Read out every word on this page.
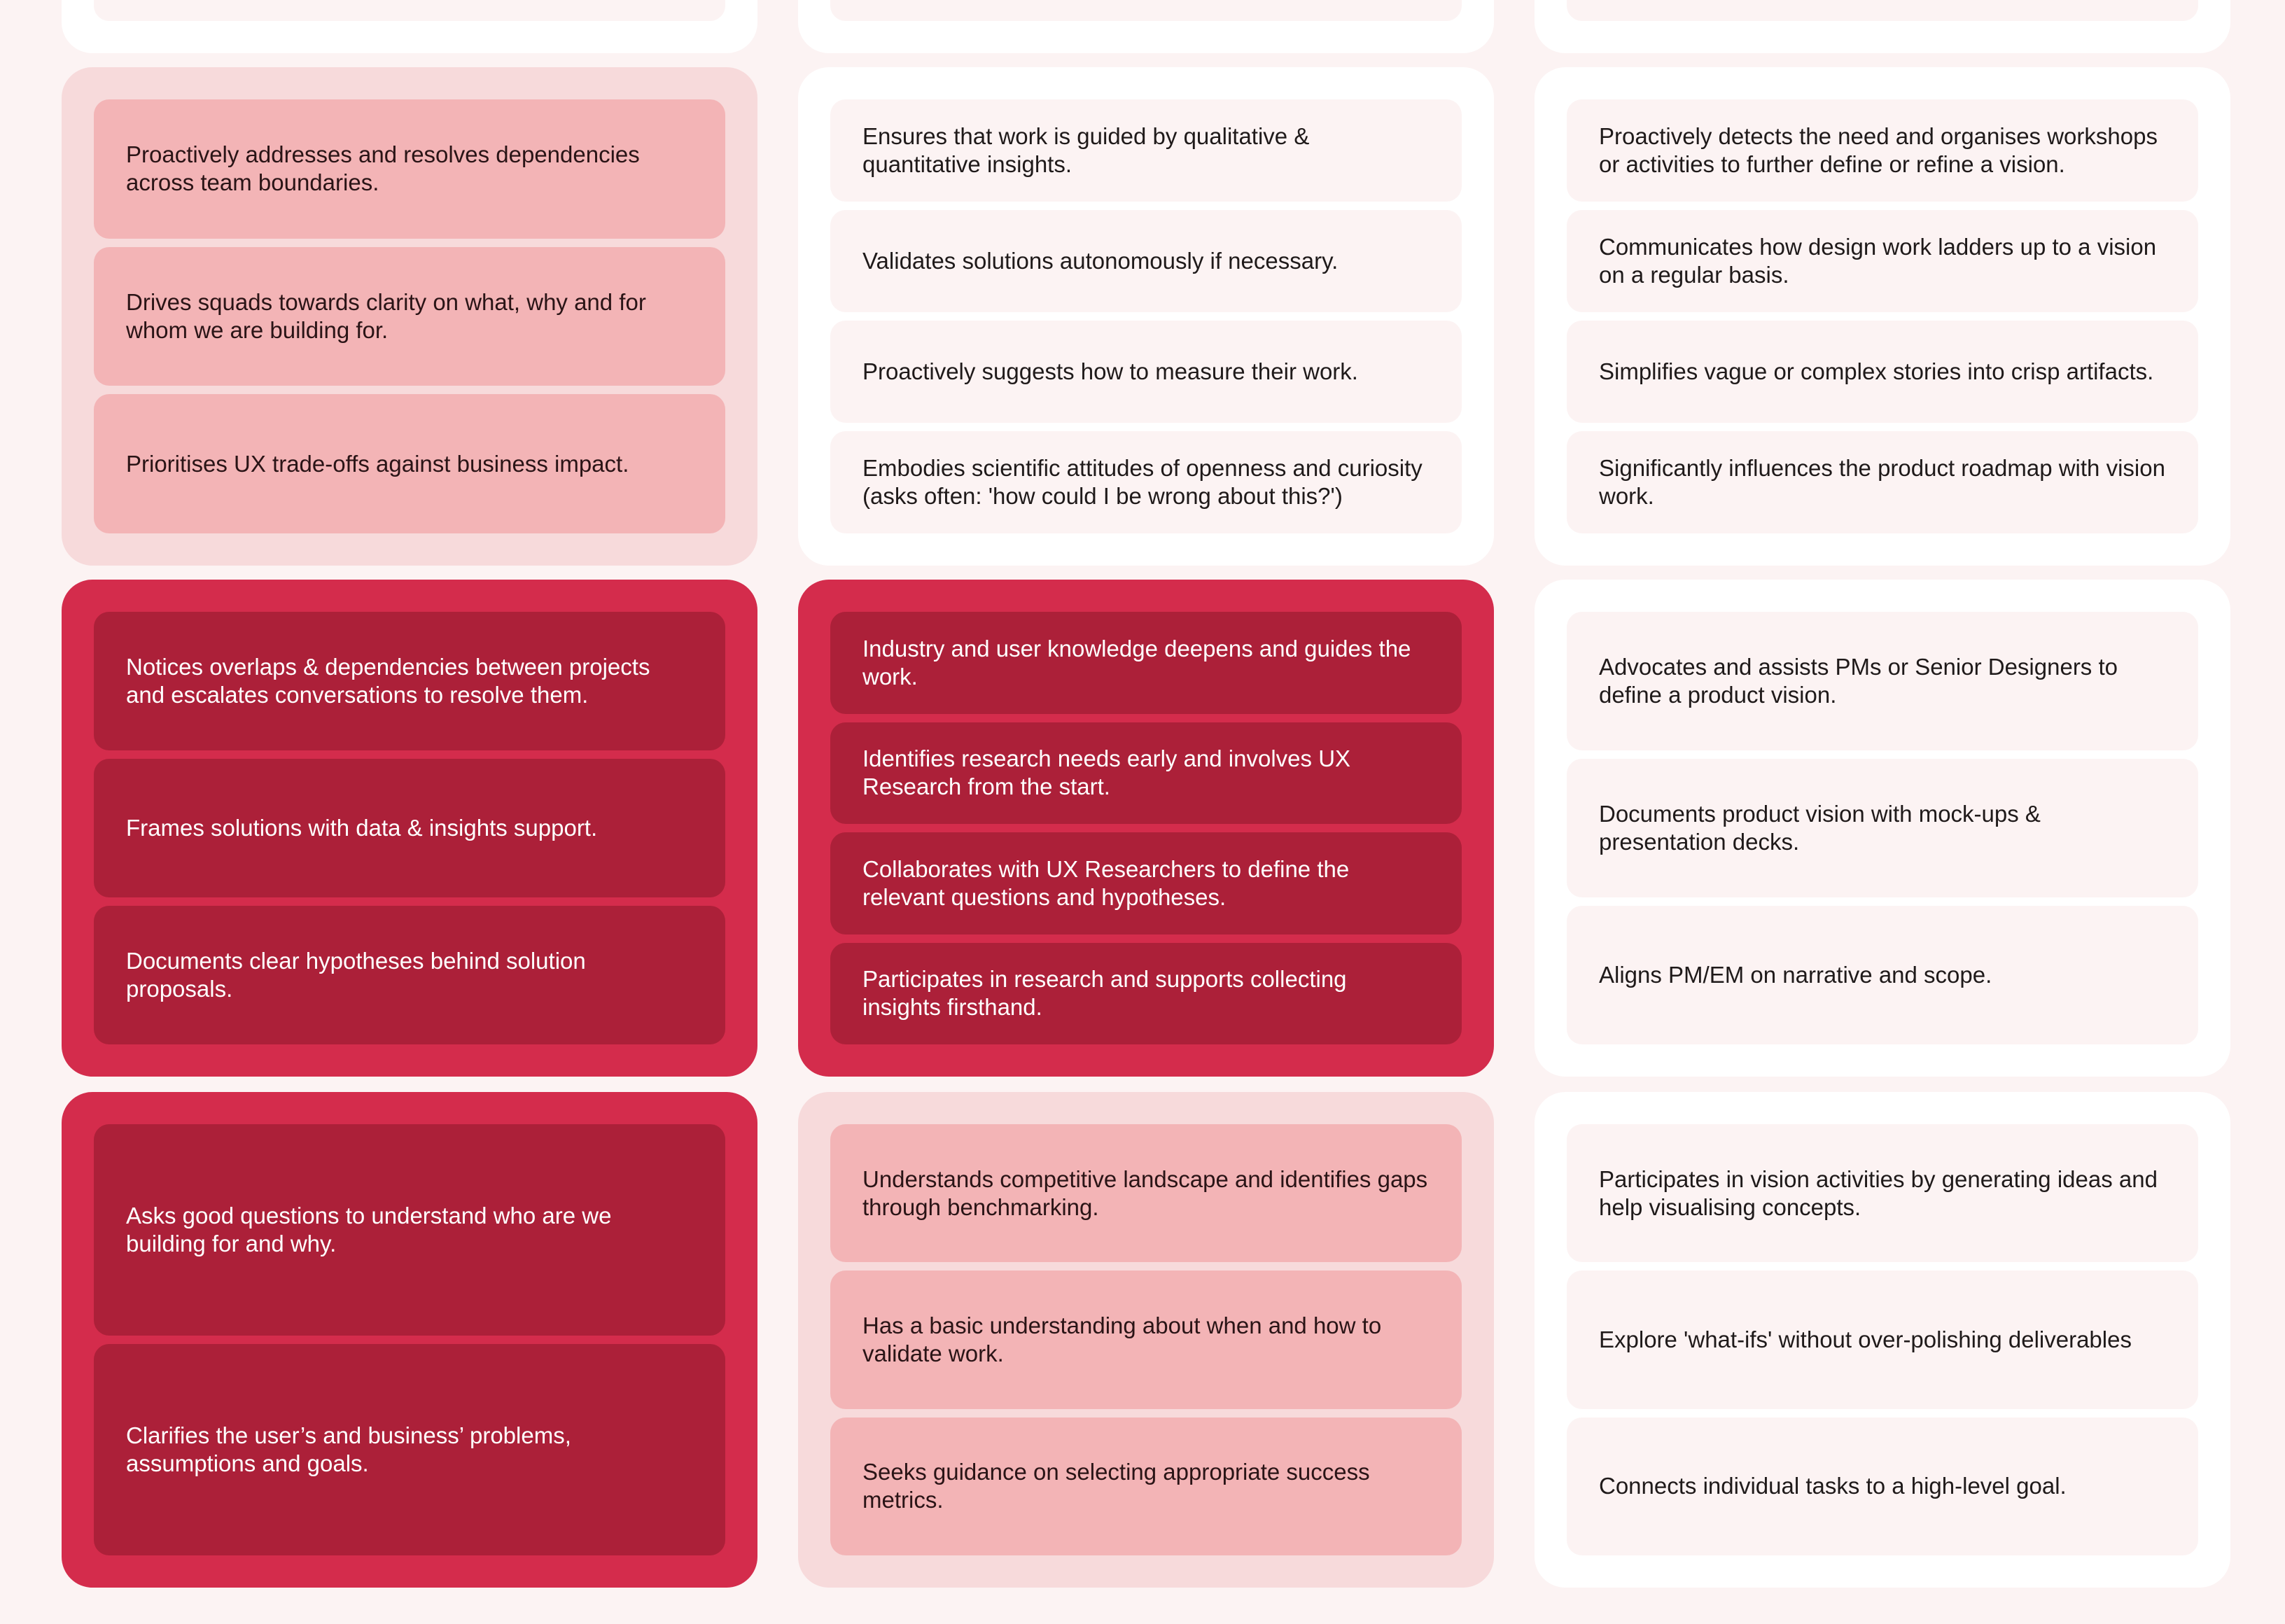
Proactively addresses and resolves dependencies across team boundaries.
Drives squads towards clarity on what, why and for whom we are building for.
Prioritises UX trade-offs against business impact.
Ensures that work is guided by qualitative & quantitative insights.
Validates solutions autonomously if necessary.
Proactively suggests how to measure their work.
Embodies scientific attitudes of openness and curiosity (asks often: 'how could I be wrong about this?')
Proactively detects the need and organises workshops or activities to further define or refine a vision.
Communicates how design work ladders up to a vision on a regular basis.
Simplifies vague or complex stories into crisp artifacts.
Significantly influences the product roadmap with vision work.
Notices overlaps & dependencies between projects and escalates conversations to resolve them.
Frames solutions with data & insights support.
Documents clear hypotheses behind solution proposals.
Industry and user knowledge deepens and guides the work.
Identifies research needs early and involves UX Research from the start.
Collaborates with UX Researchers to define the relevant questions and hypotheses.
Participates in research and supports collecting insights firsthand.
Advocates and assists PMs or Senior Designers to define a product vision.
Documents product vision with mock-ups & presentation decks.
Aligns PM/EM on narrative and scope.
Asks good questions to understand who are we building for and why.
Clarifies the user’s and business’ problems, assumptions and goals.
Understands competitive landscape and identifies gaps through benchmarking.
Has a basic understanding about when and how to validate work.
Seeks guidance on selecting appropriate success metrics.
Participates in vision activities by generating ideas and help visualising concepts.
Explore 'what-ifs' without over-polishing deliverables
Connects individual tasks to a high-level goal.
